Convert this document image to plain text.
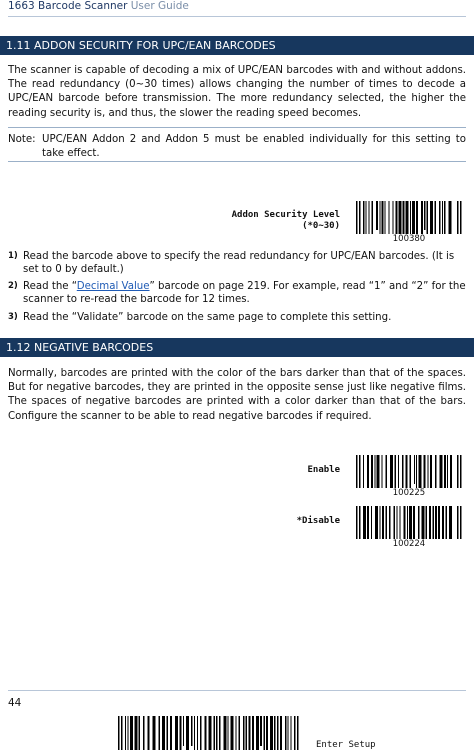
1663 Barcode Scanner User Guide
1.11 ADDON SECURITY FOR UPC/EAN BARCODES
The scanner is capable of decoding a mix of UPC/EAN barcodes with and without addons. The read redundancy (0~30 times) allows changing the number of times to decode a UPC/EAN barcode before transmission. The more redundancy selected, the higher the reading security is, and thus, the slower the reading speed becomes.
Note: UPC/EAN Addon 2 and Addon 5 must be enabled individually for this setting to take effect.
Addon Security Level
(*0~30)
100380
1) Read the barcode above to specify the read redundancy for UPC/EAN barcodes. (It is set to 0 by default.)
2) Read the “Decimal Value” barcode on page 219. For example, read “1” and “2” for the scanner to re-read the barcode for 12 times.
3) Read the “Validate” barcode on the same page to complete this setting.
1.12 NEGATIVE BARCODES
Normally, barcodes are printed with the color of the bars darker than that of the spaces. But for negative barcodes, they are printed in the opposite sense just like negative films. The spaces of negative barcodes are printed with a color darker than that of the bars. Configure the scanner to be able to read negative barcodes if required.
Enable
100225
*Disable
100224
44
Enter Setup
